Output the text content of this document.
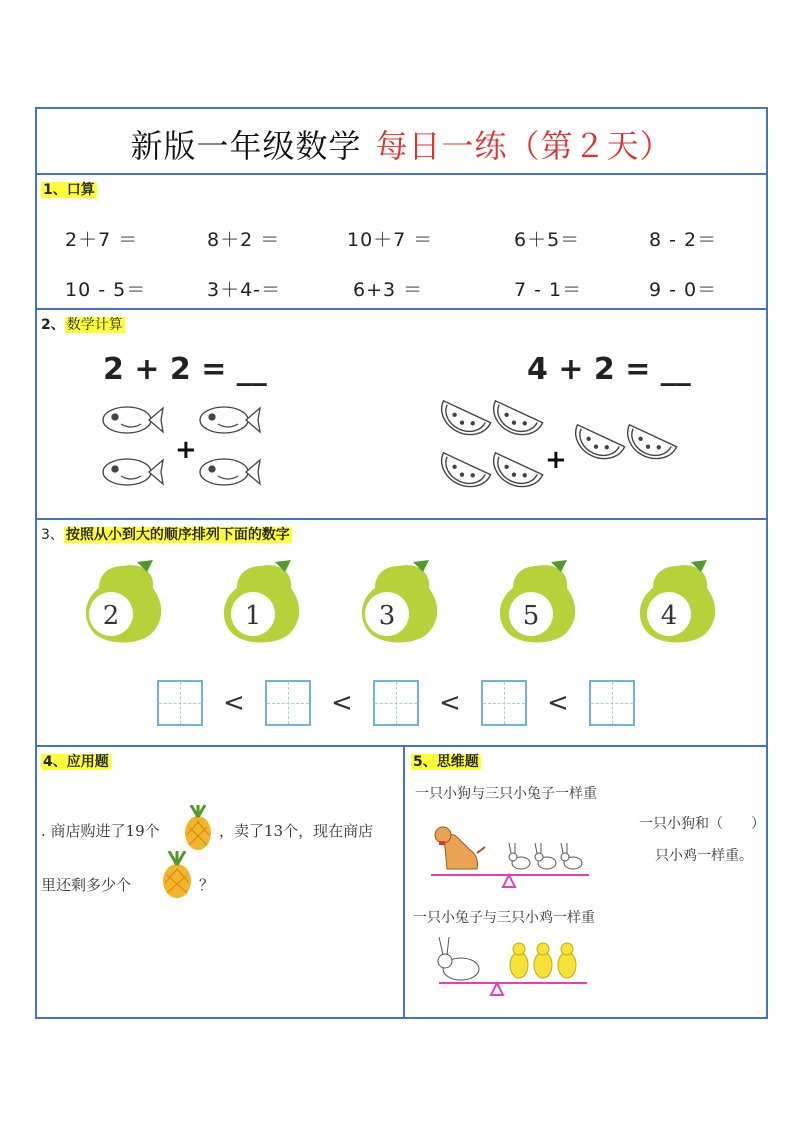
新版一年级数学 每日一练（第２天）
1、口算
2＋7 ＝	8＋2 ＝	10＋7 ＝	6＋5＝	8 - 2＝
10 - 5＝	3＋4-＝	6+3 ＝	7 - 1＝	9 - 0＝
2、 数学计算
2 + 2 = __	4 + 2 = __
+	+
3、 按照从小到大的顺序排列下面的数字
2	1	3	5	4
<	<	<	<
4、应用题
. 商店购进了19个	，卖了13个，现在商店
里还剩多少个	？
5、思维题
一只小狗与三只小兔子一样重
一只小狗和（　　）
只小鸡一样重。
一只小兔子与三只小鸡一样重
